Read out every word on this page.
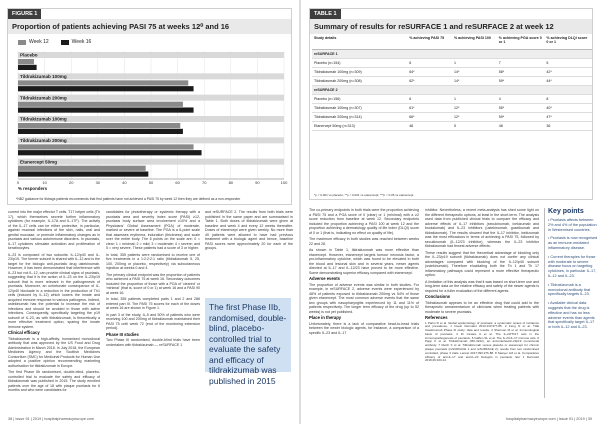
FIGURE 1
Proportion of patients achieving PASI 75 at weeks 12⁰ and 16
Week 12	Week 16
Placebo
Tildrakizumab 100mg
Tildrakizumab 200mg
Tildrakizumab 100mg
Tildrakizumab 200mg
Etanercept 50mg
0	10	20	30	40	50	60	70	80	90	100
% responders
*NB2 guidance for tildrags patients recommends that first patients have not achieved a PASI 75 by week 12 then they are defined as a non-responder

current into the major effector T cells. T17 helper cells (Th 17), which themselves secrete further inflammatory cytokines (for example, IL-17A and IL-17F). The activity of the IL-17 cells can be either protective, in particular, against mucosal infections of the skin, nails, oral and genital mucosae, or promote inflammatory changes as in psoriasis and various autoimmune disorders. In psoriasis, IL-17 cytokines stimulate activation and proliferation of keratinocytes.

IL-23 is composed of two subunits: IL-12/p40 and IL-23/p19. The former subunit is shared with IL-12 and is the target for the biologic anti-psoriatic drug ustekinumab. However, it has been demonstrated that interference with IL-23 but not IL-12, can provide clinical signs of psoriasis, suggesting that it is the action of IL-23 on the IL-23/p19 subunit that is more relevant in the pathogenesis of psoriasis. Moreover, an unfortunate consequence of IL-12/p40 blockade is a reduction in the production of Th1 cells (induced by IL-12) which lowers the innate and acquired immune response to various pathogens. Indeed, ustekinumab has the potential to increase the risk of infections and should be avoided in those with active infections. Consequently, specifically targeting the p19 subunit of IL-23, as with tildrakizumab, is theoretically a more effective treatment option, sparing the innate immune system.

Clinical efficacy

Tildrakizumab is a high-affinity, humanised monoclonal antibody that was approved by the US Food and Drug Administration in March 2018. In July 2018, the European Medicines Agency and the Scottish Medicines Consortium (SMC) for Medicinal Products for Human Use adopted a positive opinion recommending marketing authorisation for tildrakizumab in Europe.

The first Phase IIb randomised, double-blind, placebo-controlled trial to evaluate the safety and efficacy of tildrakizumab was published in 2015. The study enrolled patients over the age of 18 with plaque psoriasis for 6 months and who were candidates for

candidates for phototherapy or systemic therapy with a psoriasis area and severity index score (PASI) ≥12, psoriasis body surface area involvement ≥10% and a Physicians' Global Assessment (PGA) of moderate, marked or severe at baseline. The PGA is a 6-point scale that assesses erythema, induration (thickness) and scale over the entire body. The 6 points on the scale are: 0 = clear; 1 = minimal; 2 = mild; 3 = moderate; 4 = severe; and 5 = very severe. These patients had a score of 3 or higher.

In total, 355 patients were randomised to receive one of five treatments in a 1:2:2:2:1 ratio (tildrakizumab 5, 25, 100, 200mg or placebo, respectively) via subcutaneous injection at weeks 0 and 4.

The primary clinical endpoint was the proportion of patients who achieved a PASI 75 at week 16. Secondary outcomes included the proportion of those with a PGA of 'cleared' or 'minimal' (that is, score of 0 or 1) at week 16 and a PASI 90 at week 16.

In total, 355 patients completed parts 1 and 2 and 286 entered part III. The PASI 75 scores for each of the doses at week 16 are shown in Figure 1.

In part 3 of the study, IL-5 and 50% of patients who were receiving 100 and 200mg of tildrakizumab maintained their PASI 75 until week 72 (end of the monitoring extension period).

Phase III studies

Two Phase III randomised, double-blind trials have been undertaken with tildrakizumab — reSURFACE 1

and reSURFACE 2. The results from both trials were published in the same paper and are summarised in Table 1. Both doses of tildrakizumab were given at baseline and week 4 and every 12 weeks thereafter. Doses of etanercept were given weekly. No more than 40 patients were allowed to have had previous treatment with a biologic agent and hence, baseline PASI scores were approximately 20 for each of the groups.

The first Phase IIb, randomised, double-blind, placebo-controlled trial to evaluate the safety and efficacy of tildrakizumab was published in 2015
38 | Issue 91 | 2019 | hospitalpharmacyeurope.com
TABLE 1
Summary of results for reSURFACE 1 and reSURFACE 2 at week 12
Study details	% achieving PASI 75	% achieving PASI 100	% achieving PGA score 0 or 1	% achieving DLQI score 0 or 1
reSURFACE 1				
Placebo (n=154)	6	1	7	5
Tildrakizumab 100mg (n=309)	64*	14*	58*	42*
Tildrakizumab 200mg (n=308)	62*	14*	59*	44*
reSURFACE 2				
Placebo (n=156)	6	1	4	8
Tildrakizumab 100mg (n=307)	61*	12*	55*	40*
Tildrakizumab 200mg (n=314)	66*	12*	59*	47*
Etanercept 50mg (n=313)	48	5	48	36
*p < 0.001 vs placebo; **p < 0.001 vs etanercept; ***p < 0.05 vs etanercept

The co-primary endpoints in both trials were the proportion achieving a PASI 75 and a PGA score of 0 (clear) or 1 (minimal) with a ≥2 score reduction from baseline at week 12. Secondary endpoints included the proportion achieving a PASI 100 at week 12 and the proportion achieving a dermatology quality of life index (DLQI) score of 0 or 1 (that is, indicating no effect on quality of life).

The maximum efficacy in both studies was reached between weeks 22 and 28.

As shown in Table 1, tildrakizumab was more effective than etanercept. However, etanercept targets tumour necrosis factor, a pro-inflammatory cytokine, which was found to be elevated in both the blood and lesional skin and in several years, newer agents directed at IL-17 and IL-12/23 have proved to be more effective. Some demonstrating superior efficacy compared with etanercept.

Adverse events

The proportion of adverse events was similar in both studies. For example, in reSURFACE 2, adverse events were experienced by 48% of patients exposed to tildrakizumab 200mg vs 54% of those given etanercept. The most common adverse events that the same two groups with nasopharyngitis experienced by 11 and 11% of patients respectively. The longer term efficacy of the drug (up to 52 weeks) is not yet published.

Place in therapy

Unfortunately, there is a lack of comparative head-to-head trials between the newer biologic agents, for instance, a comparison of a specific IL-23 and IL-17

inhibitor. Nevertheless, a recent meta-analysis has shed some light on the different therapeutic options, at least in the short-term. The analysis used data from published clinical trials to compare the efficacy and adverse effects of IL-17 inhibitors (secukinumab, ixekizumab and brodalumab) and IL-23 inhibitors (ustekinumab, guselkumab and tildrakizumab). The results showed that the IL-17 inhibitor, ixekizumab was the most efficacious in terms of achieving a PASI 75, followed by secukinumab (IL-12/23 inhibitor), whereas the IL-23 inhibitor tildrakizumab had fewest adverse effects.

These results suggest that the theoretical advantage of blocking only the IL-23/p19 subunit (tildrakizumab) does not confer any clinical advantages compared with blocking of the IL-12/p40 subunit (ustekinumab). Therefore elucidating both the Th 1 and Th 17 inflammatory pathways could represent a more effective therapeutic option.

A limitation of this analysis was that it was based on short-term use and long-term data on the relative efficacy and safety of the newer agents is required for a fuller evaluation of the different agents.

Conclusions

Tildrakizumab appears to be an effective drug that could add to the therapeutic armamentarium of clinicians when treating patients with moderate to severe psoriasis.

References

1 Parisi R et al. Global epidemiology of psoriasis: a systematic review of incidence and prevalence. J Invest Dermatol 2013;133:377-85. 2 Feng N et al. THE Ustekinumab Phase III study: data and results. 3 Sherman M et al. Immunological basis of psoriasis. 4 Di Cesare A et al. The IL-23/Th17 axis in the immunopathogenesis of psoriasis. 5 Gaffen SL et al. The IL-23-IL-17 immune axis. 6 Papp K et al. Tildrakizumab (MK-3222), an anti-interleukin-23p19 monoclonal antibody. 7 Reich K et al. Tildrakizumab versus placebo or etanercept for chronic plaque psoriasis (reSURFACE 1 and reSURFACE 2): results from two randomised controlled, phase 3 trials. Lancet 2017;390:276-88. 8 Sawyer LM et al. Comparative efficacy of anti-IL-17 and anti-IL-23 biologics in psoriasis. Eur J Dermatol 2019;29:103-12.

Key points
• Psoriasis affects between 2% and 4% of the population in Westernised countries.
• Psoriasis is now recognised as an immune-mediated inflammatory disease.
• Current therapies for those with moderate to severe disease focus on targeting cytokines, in particular IL-17, IL-12 and IL-23.
• Tildrakizumab is a monoclonal antibody that specifically targets IL-23.
• Available clinical data suggests that the drug is effective and has no less adverse events than agents that specifically target IL-17 or both IL-12 and IL-23.
hospitalpharmacyeurope.com | Issue 91 | 2019 | 39
